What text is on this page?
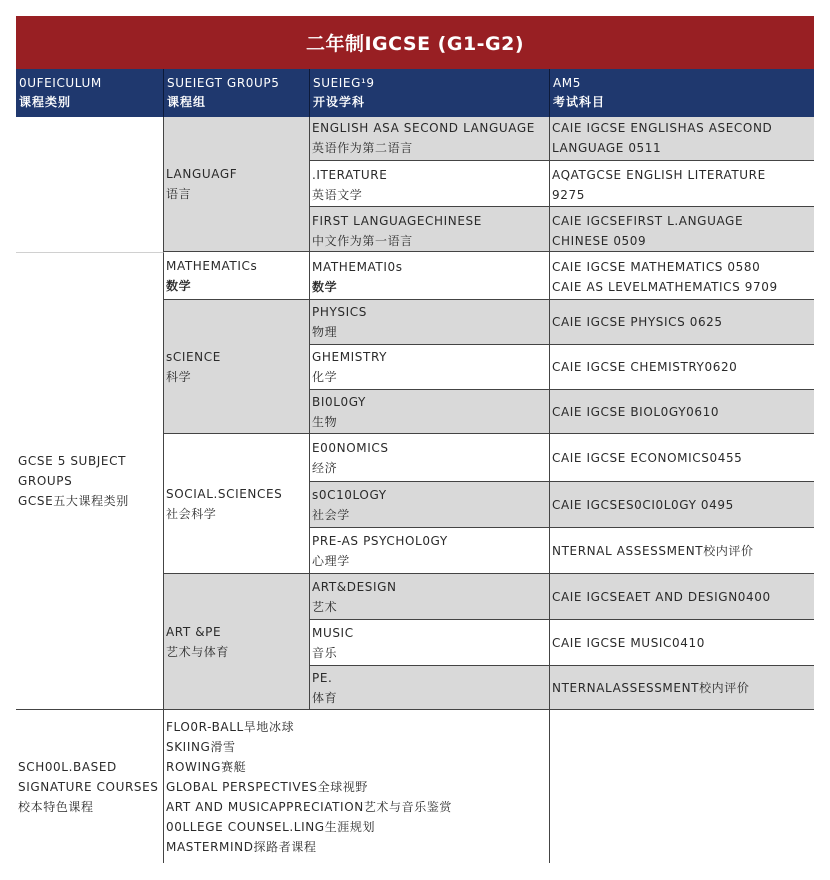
二年制IGCSE (G1-G2)
0UFEICULUM
课程类别
SUEIEGT GR0UP5
课程组
SUEIEG¹9
开设学科
AM5
考试科目
GCSE 5 SUBJECT
GROUPS
GCSE五大课程类别
SCH00L.BASED
SIGNATURE COURSES
校本特色课程
LANGUAGF
语言
MATHEMATICs
数学
sCIENCE
科学
SOCIAL.SCIENCES
社会科学
ART &PE
艺术与体育
FLO0R-BALL旱地冰球
SKIING滑雪
ROWING赛艇
GLOBAL PERSPECTIVES全球视野
ART AND MUSICAPPRECIATION艺术与音乐鉴赏
00LLEGE COUNSEL.LING生涯规划
MASTERMIND探路者课程
ENGLISH ASA SECOND LANGUAGE
英语作为第二语言
CAIE IGCSE ENGLISHAS ASECOND
LANGUAGE 0511
.ITERATURE
英语文学
AQATGCSE ENGLISH LITERATURE
9275
FIRST LANGUAGECHINESE
中文作为第一语言
CAIE IGCSEFIRST L.ANGUAGE
CHINESE 0509
MATHEMATI0s
数学
CAIE IGCSE MATHEMATICS 0580
CAIE AS LEVELMATHEMATICS 9709
PHYSICS
物理
CAIE IGCSE PHYSICS 0625
GHEMISTRY
化学
CAIE IGCSE CHEMISTRY0620
BI0L0GY
生物
CAIE IGCSE BIOL0GY0610
E00NOMICS
经济
CAIE IGCSE ECONOMICS0455
s0C10LOGY
社会学
CAIE IGCSES0CI0L0GY 0495
PRE-AS PSYCHOL0GY
心理学
NTERNAL ASSESSMENT校内评价
ART&DESIGN
艺术
CAIE IGCSEAET AND DESIGN0400
MUSIC
音乐
CAIE IGCSE MUSIC0410
PE.
体育
NTERNALASSESSMENT校内评价
